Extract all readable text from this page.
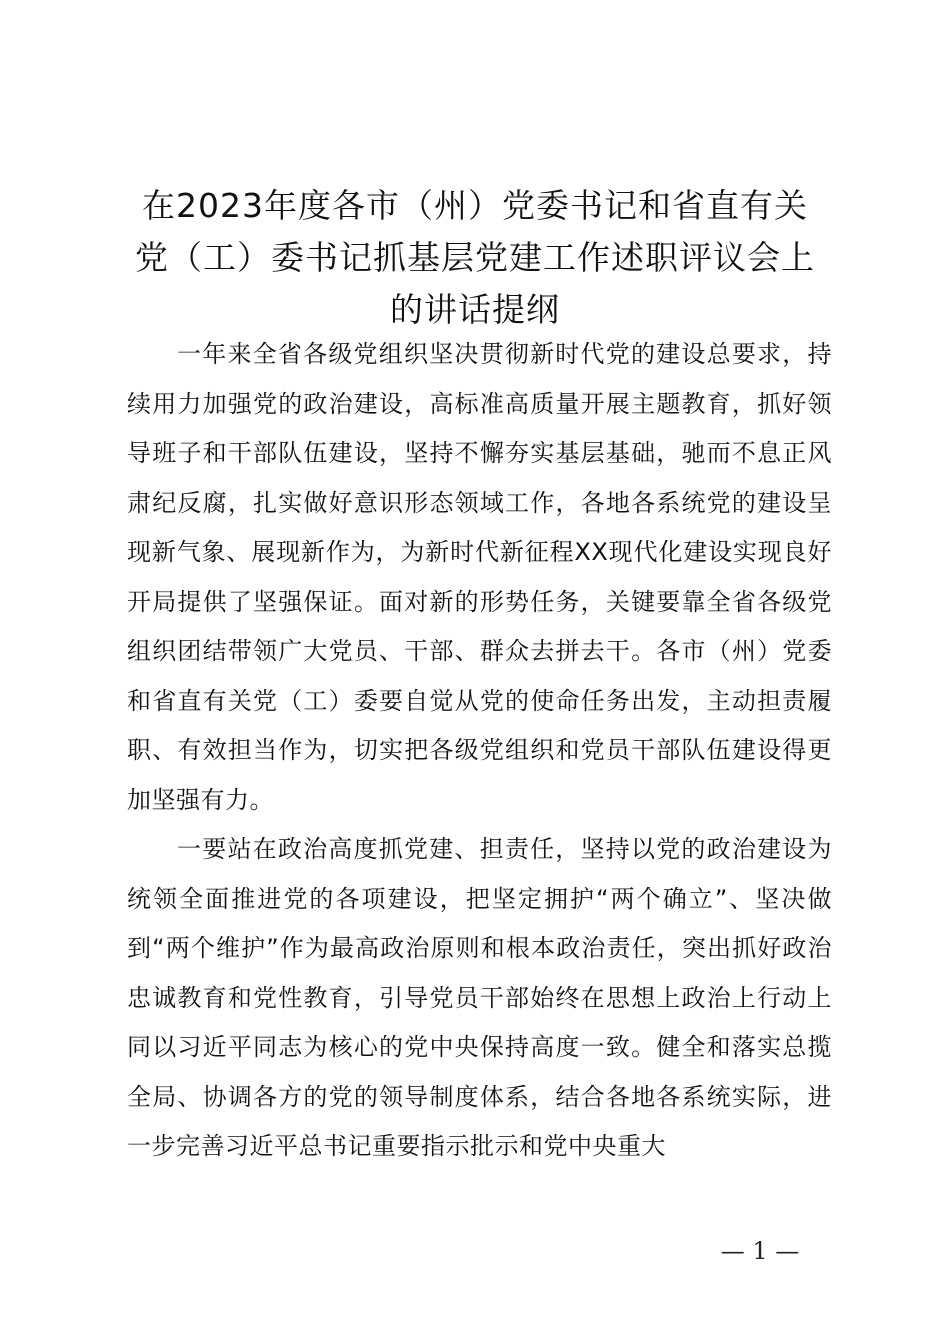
在2023年度各市（州）党委书记和省直有关
党（工）委书记抓基层党建工作述职评议会上
的讲话提纲

一年来全省各级党组织坚决贯彻新时代党的建设总要求，持续用力加强党的政治建设，高标准高质量开展主题教育，抓好领导班子和干部队伍建设，坚持不懈夯实基层基础，驰而不息正风肃纪反腐，扎实做好意识形态领域工作，各地各系统党的建设呈现新气象、展现新作为，为新时代新征程XX现代化建设实现良好开局提供了坚强保证。面对新的形势任务，关键要靠全省各级党组织团结带领广大党员、干部、群众去拼去干。各市（州）党委和省直有关党（工）委要自觉从党的使命任务出发，主动担责履职、有效担当作为，切实把各级党组织和党员干部队伍建设得更加坚强有力。

一要站在政治高度抓党建、担责任，坚持以党的政治建设为统领全面推进党的各项建设，把坚定拥护“两个确立”、坚决做到“两个维护”作为最高政治原则和根本政治责任，突出抓好政治忠诚教育和党性教育，引导党员干部始终在思想上政治上行动上同以习近平同志为核心的党中央保持高度一致。健全和落实总揽全局、协调各方的党的领导制度体系，结合各地各系统实际，进一步完善习近平总书记重要指示批示和党中央重大

— 1 —
